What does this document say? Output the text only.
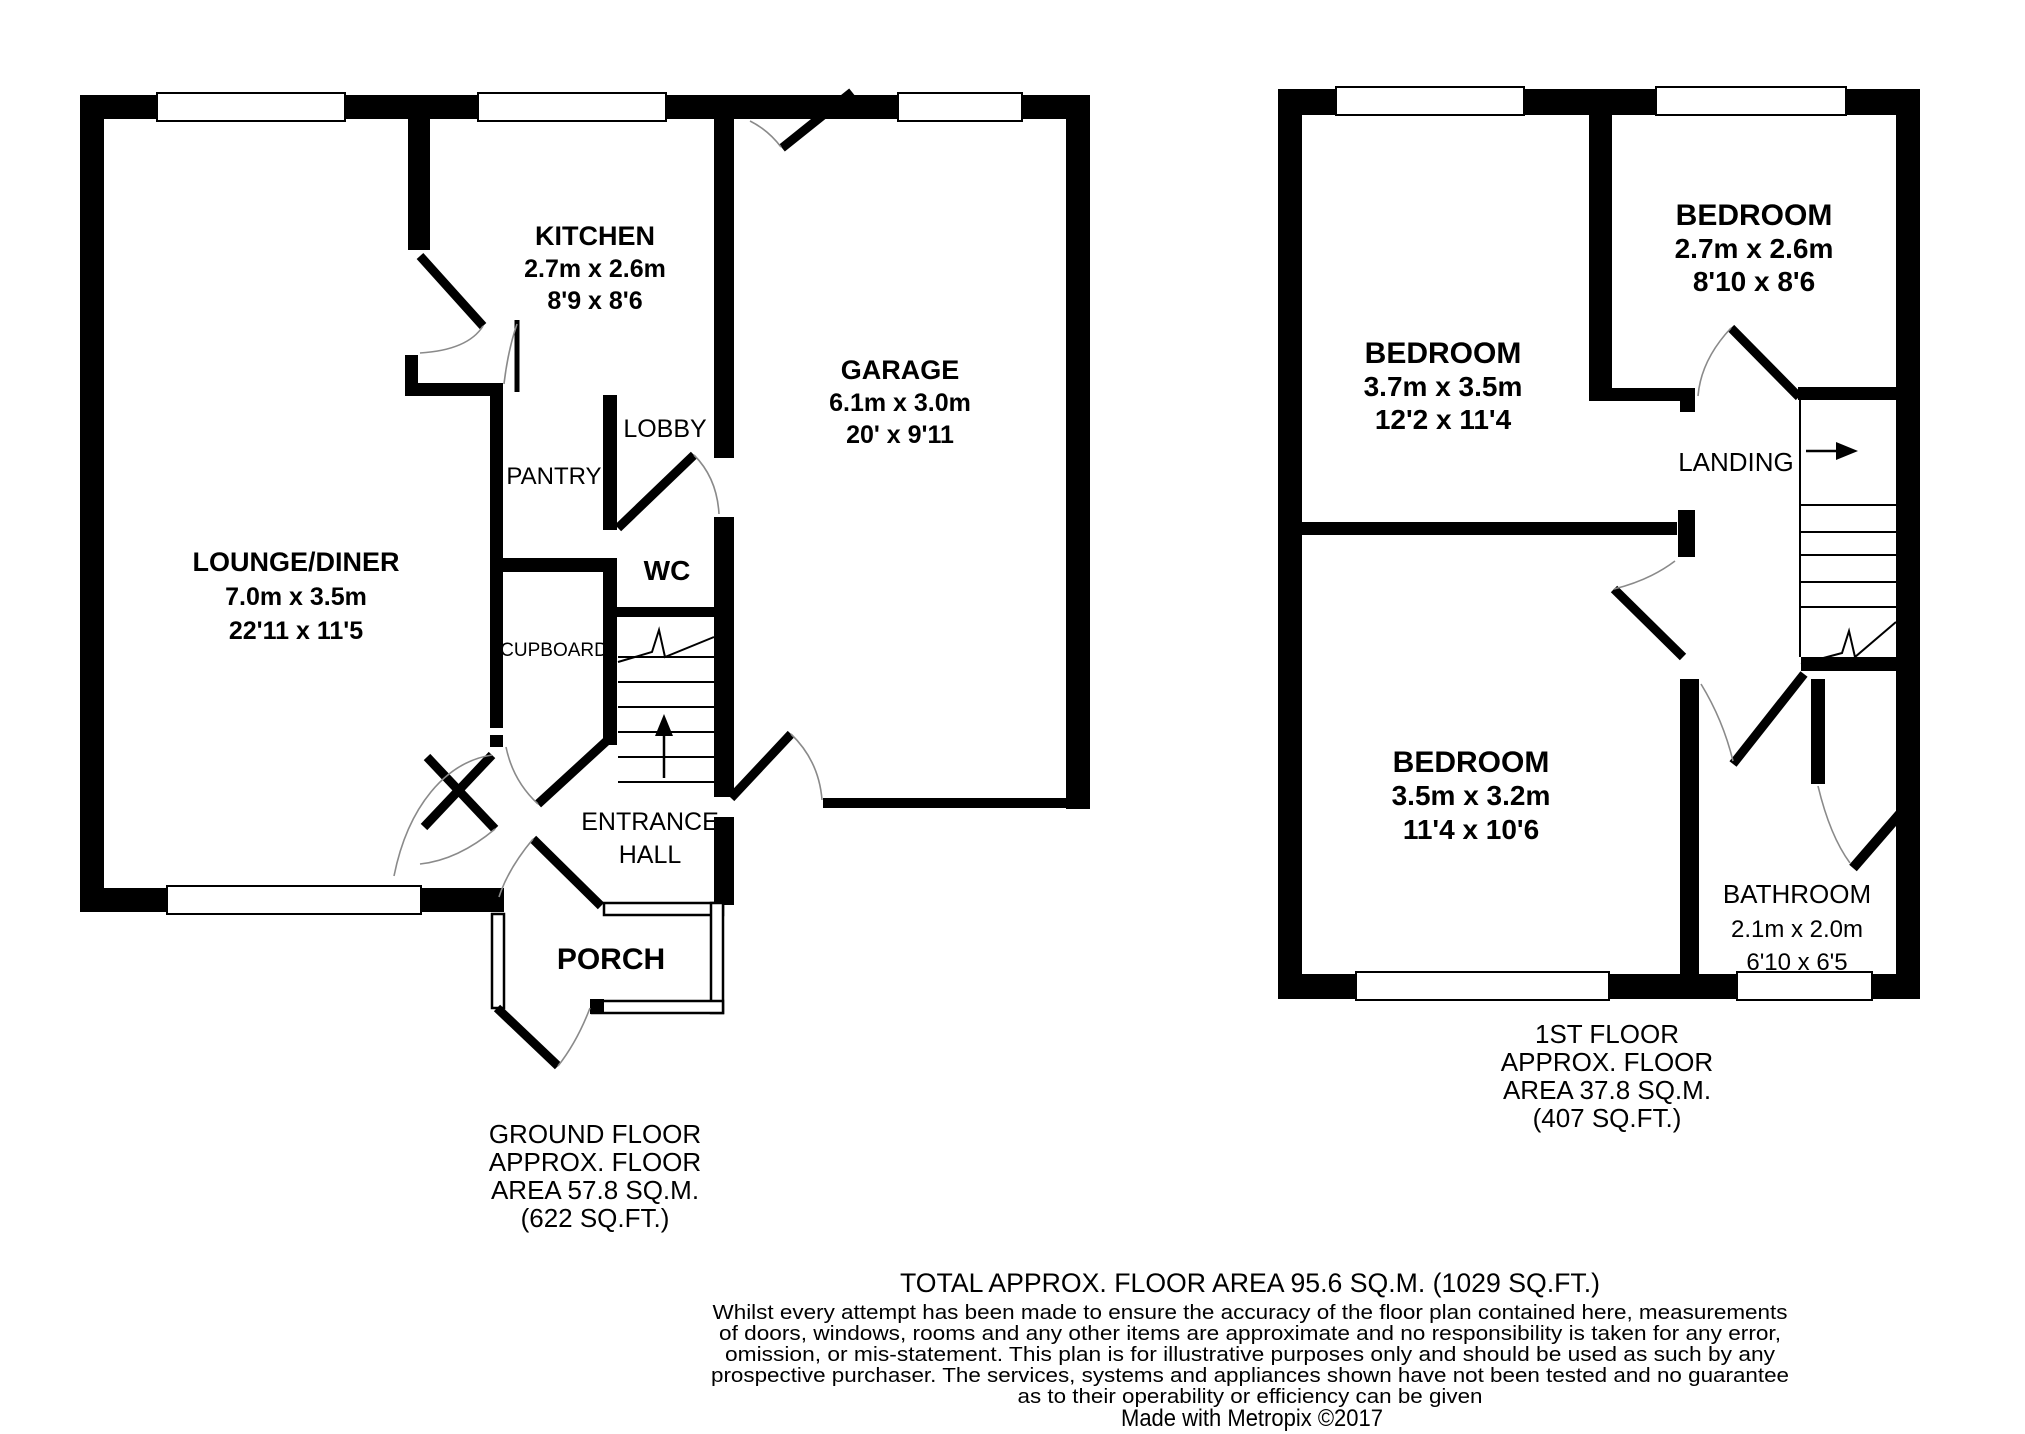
KITCHEN
2.7m x 2.6m
8'9 x 8'6
GARAGE
6.1m x 3.0m
20' x 9'11
LOUNGE/DINER
7.0m x 3.5m
22'11 x 11'5
PANTRY
LOBBY
WC
CUPBOARD
ENTRANCE
HALL
PORCH
GROUND FLOOR
APPROX. FLOOR
AREA 57.8 SQ.M.
(622 SQ.FT.)
BEDROOM
3.7m x 3.5m
12'2 x 11'4
BEDROOM
2.7m x 2.6m
8'10 x 8'6
BEDROOM
3.5m x 3.2m
11'4 x 10'6
LANDING
BATHROOM
2.1m x 2.0m
6'10 x 6'5
1ST FLOOR
APPROX. FLOOR
AREA 37.8 SQ.M.
(407 SQ.FT.)
TOTAL APPROX. FLOOR AREA 95.6 SQ.M. (1029 SQ.FT.)
Whilst every attempt has been made to ensure the accuracy of the floor plan contained here, measurements
of doors, windows, rooms and any other items are approximate and no responsibility is taken for any error,
omission, or mis-statement. This plan is for illustrative purposes only and should be used as such by any
prospective purchaser. The services, systems and appliances shown have not been tested and no guarantee
as to their operability or efficiency can be given
Made with Metropix ©2017
